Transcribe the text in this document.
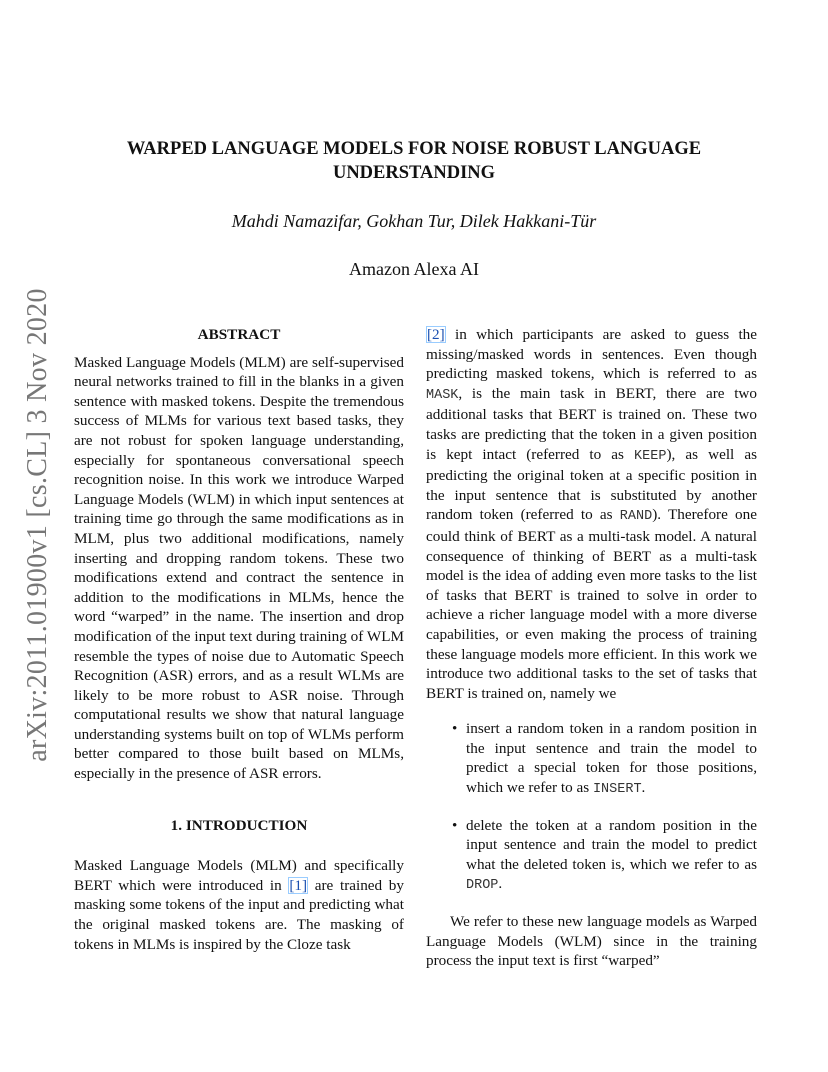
arXiv:2011.01900v1 [cs.CL] 3 Nov 2020
WARPED LANGUAGE MODELS FOR NOISE ROBUST LANGUAGE
UNDERSTANDING
Mahdi Namazifar, Gokhan Tur, Dilek Hakkani-Tür
Amazon Alexa AI
ABSTRACT

Masked Language Models (MLM) are self-supervised neural networks trained to fill in the blanks in a given sentence with masked tokens. Despite the tremendous success of MLMs for various text based tasks, they are not robust for spoken language understanding, especially for spontaneous conversational speech recognition noise. In this work we introduce Warped Language Models (WLM) in which input sentences at training time go through the same modifications as in MLM, plus two additional modifications, namely inserting and dropping random tokens. These two modifications extend and contract the sentence in addition to the modifications in MLMs, hence the word “warped” in the name. The insertion and drop modification of the input text during training of WLM resemble the types of noise due to Automatic Speech Recognition (ASR) errors, and as a result WLMs are likely to be more robust to ASR noise. Through computational results we show that natural language understanding systems built on top of WLMs perform better compared to those built based on MLMs, especially in the presence of ASR errors.

1. INTRODUCTION

Masked Language Models (MLM) and specifically BERT which were introduced in [1] are trained by masking some tokens of the input and predicting what the original masked tokens are. The masking of tokens in MLMs is inspired by the Cloze task

[2] in which participants are asked to guess the missing/masked words in sentences. Even though predicting masked tokens, which is referred to as MASK, is the main task in BERT, there are two additional tasks that BERT is trained on. These two tasks are predicting that the token in a given position is kept intact (referred to as KEEP), as well as predicting the original token at a specific position in the input sentence that is substituted by another random token (referred to as RAND). Therefore one could think of BERT as a multi-task model. A natural consequence of thinking of BERT as a multi-task model is the idea of adding even more tasks to the list of tasks that BERT is trained to solve in order to achieve a richer language model with a more diverse capabilities, or even making the process of training these language models more efficient. In this work we introduce two additional tasks to the set of tasks that BERT is trained on, namely we

• insert a random token in a random position in the input sentence and train the model to predict a special token for those positions, which we refer to as INSERT.
• delete the token at a random position in the input sentence and train the model to predict what the deleted token is, which we refer to as DROP.

We refer to these new language models as Warped Language Models (WLM) since in the training process the input text is first “warped”
